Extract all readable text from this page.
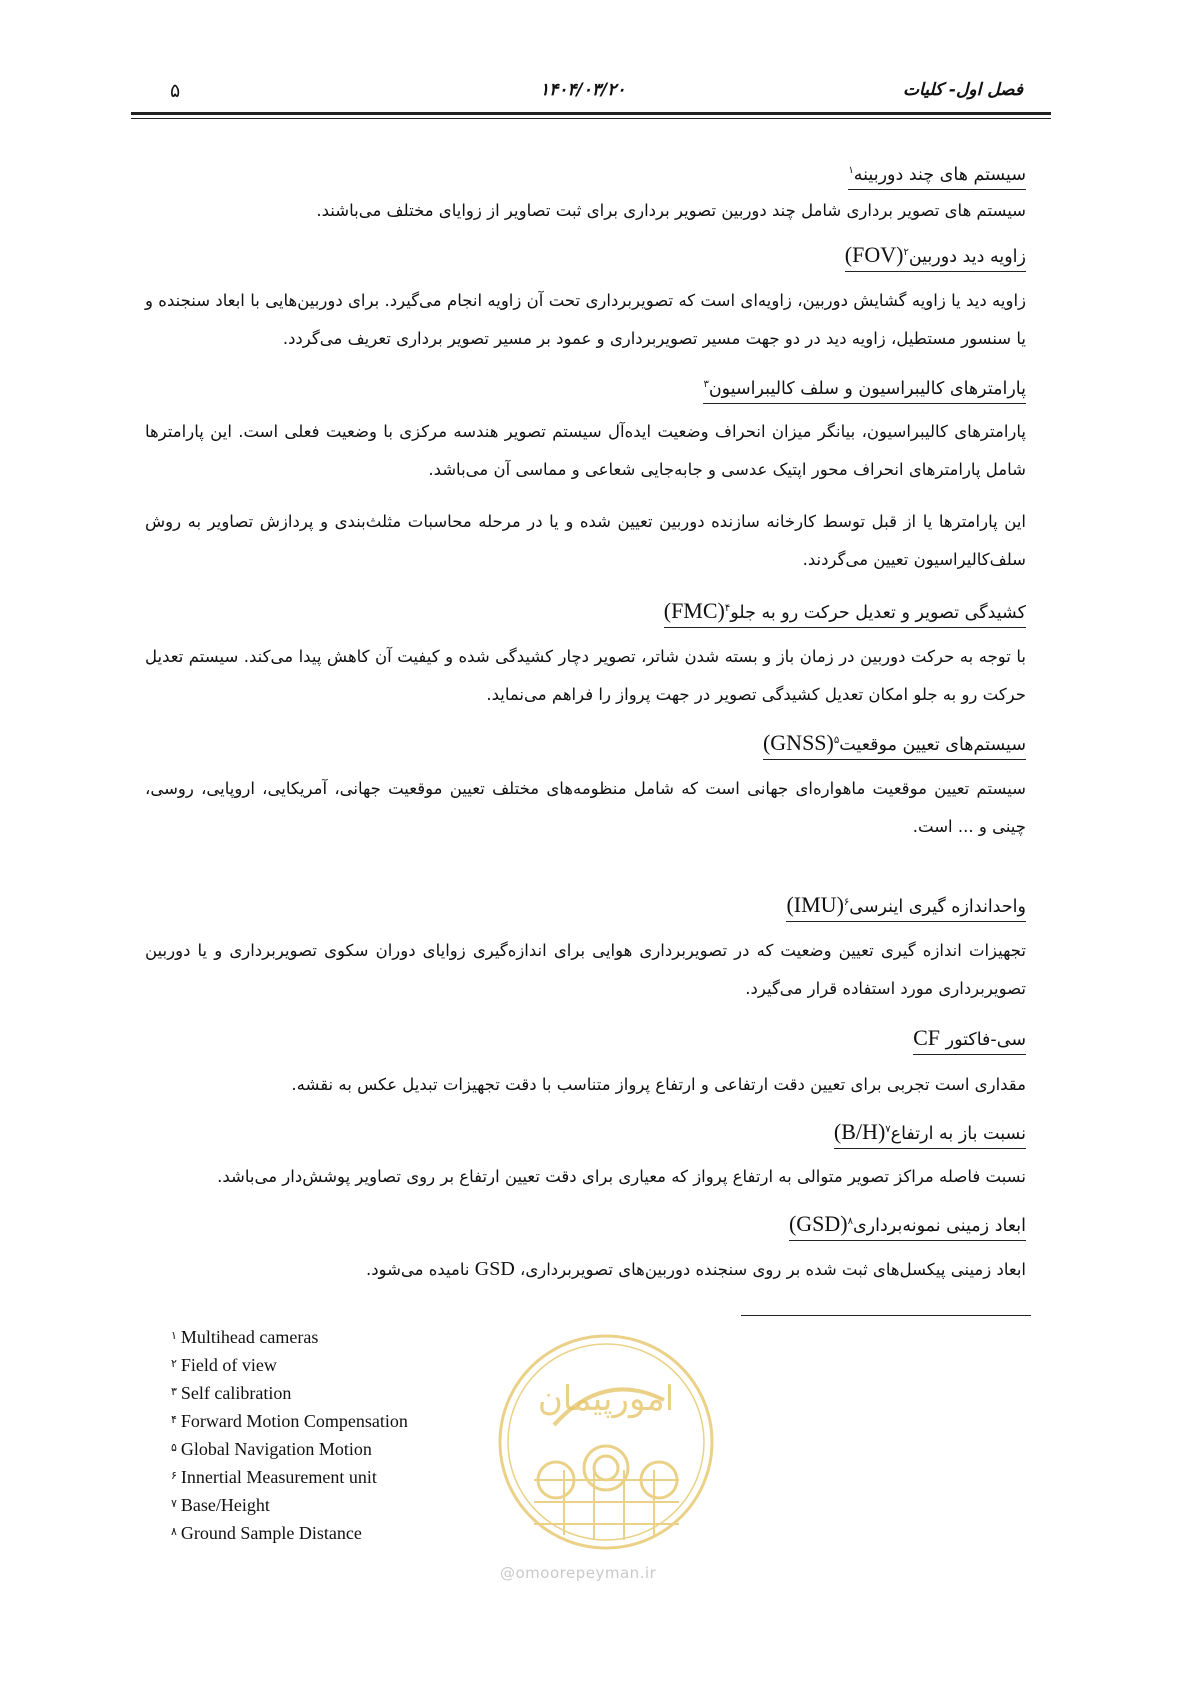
فصل اول- کلیات
۱۴۰۴/۰۳/۲۰
۵
سیستم های چند دوربینه$^۱$
سیستم های تصویر برداری شامل چند دوربین تصویر برداری برای ثبت تصاویر از زوایای مختلف می‌باشند.
زاویه دید دوربین$^۲$(FOV)
زاویه دید یا زاویه گشایش دوربین، زاویه‌ای است که تصویربرداری تحت آن زاویه انجام می‌گیرد. برای دوربین‌هایی با ابعاد سنجنده و یا سنسور مستطیل، زاویه دید در دو جهت مسیر تصویربرداری و عمود بر مسیر تصویر برداری تعریف می‌گردد.
پارامترهای کالیبراسیون و سلف کالیبراسیون$^۳$
پارامترهای کالیبراسیون، بیانگر میزان انحراف وضعیت ایده‌آل سیستم تصویر هندسه مرکزی با وضعیت فعلی است. این پارامترها شامل پارامترهای انحراف محور اپتیک عدسی و جابه‌جایی شعاعی و مماسی آن می‌باشد.
این پارامترها یا از قبل توسط کارخانه سازنده دوربین تعیین شده و یا در مرحله محاسبات مثلث‌بندی و پردازش تصاویر به روش سلف‌کالیراسیون تعیین می‌گردند.
کشیدگی تصویر و تعدیل حرکت رو به جلو$^۴$(FMC)
با توجه به حرکت دوربین در زمان باز و بسته شدن شاتر، تصویر دچار کشیدگی شده و کیفیت آن کاهش پیدا می‌کند. سیستم تعدیل حرکت رو به جلو امکان تعدیل کشیدگی تصویر در جهت پرواز را فراهم می‌نماید.
سیستم‌های تعیین موقعیت$^۵$(GNSS)
سیستم تعیین موقعیت ماهواره‌ای جهانی است که شامل منظومه‌های مختلف تعیین موقعیت جهانی، آمریکایی، اروپایی، روسی، چینی و ... است.
واحداندازه گیری اینرسی$^۶$(IMU)
تجهیزات اندازه گیری تعیین وضعیت که در تصویربرداری هوایی برای اندازه‌گیری زوایای دوران سکوی تصویربرداری و یا دوربین تصویربرداری مورد استفاده قرار می‌گیرد.
سی-فاکتور CF
مقداری است تجربی برای تعیین دقت ارتفاعی و ارتفاع پرواز متناسب با دقت تجهیزات تبدیل عکس به نقشه.
نسبت باز به ارتفاع$^۷$(B/H)
نسبت فاصله مراکز تصویر متوالی به ارتفاع پرواز که معیاری برای دقت تعیین ارتفاع بر روی تصاویر پوشش‌دار می‌باشد.
ابعاد زمینی نمونه‌برداری$^۸$(GSD)
ابعاد زمینی پیکسل‌های ثبت شده بر روی سنجنده دوربین‌های تصویربرداری، GSD نامیده می‌شود.
$^۱$ Multihead cameras
$^۲$ Field of view
$^۳$ Self calibration
$^۴$ Forward Motion Compensation
$^۵$ Global Navigation Motion
$^۶$ Innertial Measurement unit
$^۷$ Base/Height
$^۸$ Ground Sample Distance
امورپیمان
@omoorepeyman.ir
